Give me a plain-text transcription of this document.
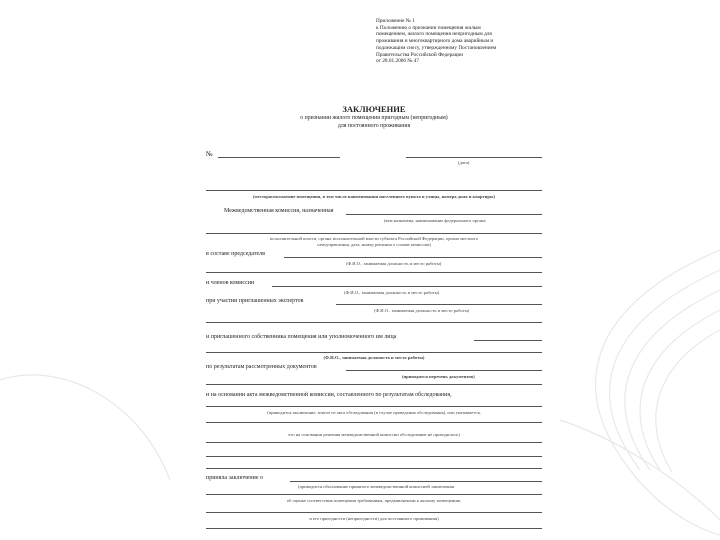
Приложение № 1
к Положению о признании помещения жилым
помещением, жилого помещения непригодным для
проживания и многоквартирного дома аварийным и
подлежащим сносу, утвержденному Постановлением
Правительства Российской Федерации
от 28.01.2006 № 47
ЗАКЛЮЧЕНИЕ
о признании жилого помещения пригодным (непригодным)
для постоянного проживания
№
(дата)
(месторасположение помещения, в том числе наименования населенного пункта и улицы, номера дома и квартиры)
Межведомственная комиссия, назначенная
(кем назначена, наименование федерального органа
исполнительной власти, органа исполнительной власти субъекта Российской Федерации, органа местного
самоуправления, дата, номер решения о созыве комиссии)
в составе председателя
(Ф.И.О., занимаемая должность и место работы)
и членов комиссии
(Ф.И.О., занимаемая должность и место работы)
при участии приглашенных экспертов
(Ф.И.О., занимаемая должность и место работы)
и приглашенного собственника помещения или уполномоченного им лица
(Ф.И.О., занимаемая должность и место работы)
по результатам рассмотренных документов
(приводится перечень документов)
и на основании акта межведомственной комиссии, составленного по результатам обследования,
(приводится заключение, взятое из акта обследования (в случае проведения обследования), или указывается,
что на основании решения межведомственной комиссии обследование не проводилось)
приняла заключение о
(приводится обоснование принятого межведомственной комиссией заключения
об оценке соответствия помещения требованиям, предъявляемым к жилому помещению,
и его пригодности (непригодности) для постоянного проживания)
